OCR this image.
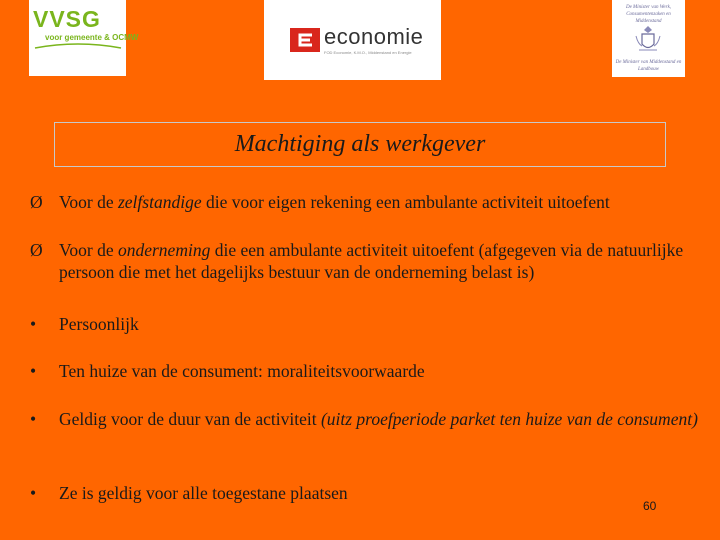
VVSG
voor gemeente & OCMW	economie
FOD Economie, K.M.O., Middenstand en Energie
De Minister van Werk, Consumentenzaken en Middenstand
De Minister van Middenstand en Landbouw
Machtiging als werkgever
Ø Voor de zelfstandige die voor eigen rekening een ambulante activiteit uitoefent
Ø Voor de onderneming die een ambulante activiteit uitoefent (afgegeven via de natuurlijke persoon die met het dagelijks bestuur van de onderneming belast is)
•	Persoonlijk
•	Ten huize van de consument: moraliteitsvoorwaarde
•	Geldig voor de duur van de activiteit (uitz proefperiode parket ten huize van de consument)
•	Ze is geldig voor alle toegestane plaatsen
60
